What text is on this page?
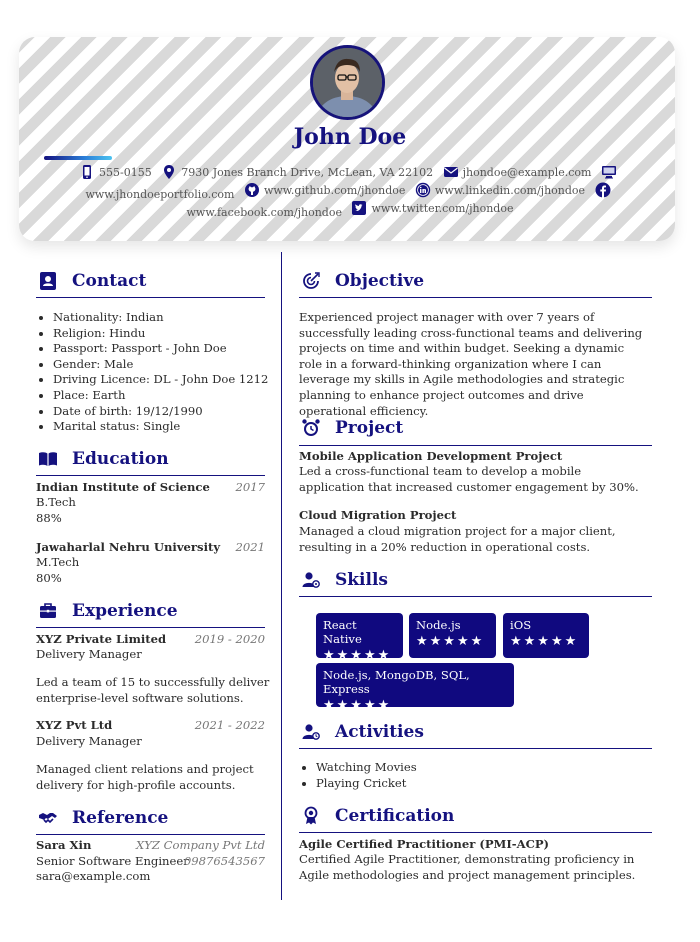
John Doe
555-0155
	7930 Jones Branch Drive, McLean, VA 22102
	jhondoe@example.com

www.jhondoeportfolio.com
	www.github.com/jhondoe
	www.linkedin.com/jhondoe

www.facebook.com/jhondoe
	www.twitter.com/jhondoe
Contact
• Nationality: Indian
• Religion: Hindu
• Passport: Passport - John Doe
• Gender: Male
• Driving Licence: DL - John Doe 1212
• Place: Earth
• Date of birth: 19/12/1990
• Marital status: Single
Education
Indian Institute of Science	2017
B.Tech
88%
Jawaharlal Nehru University	2021
M.Tech
80%
Experience
XYZ Private Limited	2019 - 2020
Delivery Manager
Led a team of 15 to successfully deliver enterprise-level software solutions.
XYZ Pvt Ltd	2021 - 2022
Delivery Manager
Managed client relations and project delivery for high-profile accounts.
Reference
Sara Xin	XYZ Company Pvt Ltd
Senior Software Engineer
09876543567
sara@example.com
Objective
Experienced project manager with over 7 years of successfully leading cross-functional teams and delivering projects on time and within budget. Seeking a dynamic role in a forward-thinking organization where I can leverage my skills in Agile methodologies and strategic planning to enhance project outcomes and drive operational efficiency.
Project
Mobile Application Development Project
Led a cross-functional team to develop a mobile application that increased customer engagement by 30%.
Cloud Migration Project
Managed a cloud migration project for a major client, resulting in a 20% reduction in operational costs.
Skills
React Native
★★★★★
Node.js
★★★★★
iOS
★★★★★
Node.js, MongoDB, SQL, Express
★★★★★
Activities
• Watching Movies
• Playing Cricket
Certification
Agile Certified Practitioner (PMI-ACP)
Certified Agile Practitioner, demonstrating proficiency in Agile methodologies and project management principles.
